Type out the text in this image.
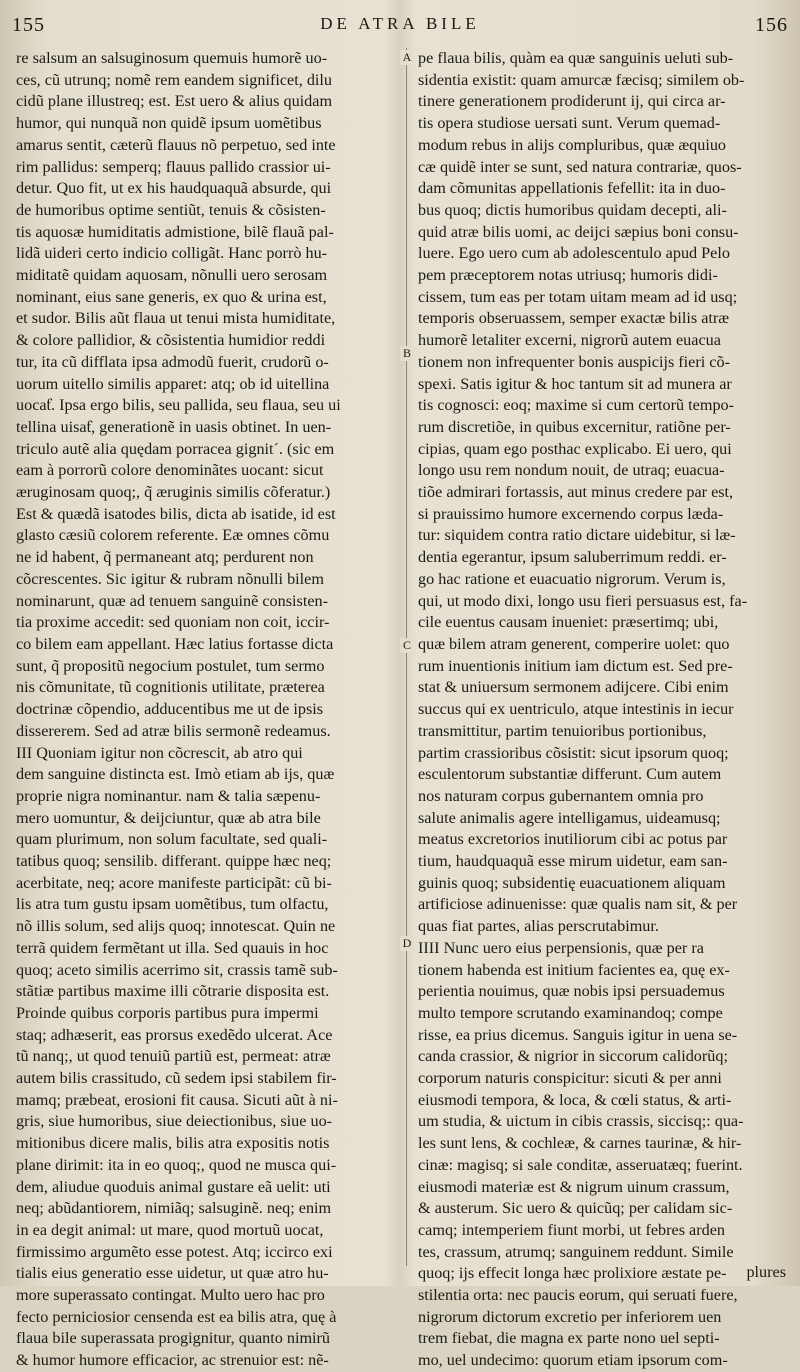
155	DE ATRA BILE	156
re salsum an salsuginosum quemuis humorẽ uo-
ces, cũ utrunq; nomẽ rem eandem significet, dilu
cidũ plane illustreq; est. Est uero & alius quidam
humor, qui nunquã non quidẽ ipsum uomẽtibus
amarus sentit, cæterũ flauus nõ perpetuo, sed inte
rim pallidus: semperq; flauus pallido crassior ui-
detur. Quo fit, ut ex his haudquaquã absurde, qui
de humoribus optime sentiũt, tenuis & cõsisten-
tis aquosæ humiditatis admistione, bilẽ flauã pal-
lidã uideri certo indicio colligãt. Hanc porrò hu-
miditatẽ quidam aquosam, nõnulli uero serosam
nominant, eius sane generis, ex quo & urina est,
et sudor. Bilis aũt flaua ut tenui mista humiditate,
& colore pallidior, & cõsistentia humidior reddi
tur, ita cũ difflata ipsa admodũ fuerit, crudorũ o-
uorum uitello similis apparet: atq; ob id uitellina
uocaƭ. Ipsa ergo bilis, seu pallida, seu flaua, seu ui
tellina uisaƭ, generationẽ in uasis obtinet. In uen-
triculo autẽ alia quędam porracea gignitˊ. (sic em
eam à porrorũ colore denominãtes uocant: sicut
æruginosam quoq;, q̃ æruginis similis cõferatur.)
Est & quædã isatodes bilis, dicta ab isatide, id est
glasto cæsiũ colorem referente. Eæ omnes cõmu
ne id habent, q̃ permaneant atq; perdurent non
cõcrescentes. Sic igitur & rubram nõnulli bilem
nominarunt, quæ ad tenuem sanguinẽ consisten-
tia proxime accedit: sed quoniam non coit, iccir-
co bilem eam appellant. Hæc latius fortasse dicta
sunt, q̃ propositũ negocium postulet, tum sermo
nis cõmunitate, tũ cognitionis utilitate, præterea
doctrinæ cõpendio, adducentibus me ut de ipsis
dissererem. Sed ad atræ bilis sermonẽ redeamus.
III Quoniam igitur non cõcrescit, ab atro qui
dem sanguine distincta est. Imò etiam ab ijs, quæ
proprie nigra nominantur. nam & talia sæpenu-
mero uomuntur, & deijciuntur, quæ ab atra bile
quam plurimum, non solum facultate, sed quali-
tatibus quoq; sensilib. differant. quippe hæc neq;
acerbitate, neq; acore manifeste participãt: cũ bi-
lis atra tum gustu ipsam uomẽtibus, tum olfactu,
nõ illis solum, sed alijs quoq; innotescat. Quin ne
terrã quidem fermẽtant ut illa. Sed quauis in hoc
quoq; aceto similis acerrimo sit, crassis tamẽ sub-
stãtiæ partibus maxime illi cõtrarie disposita est.
Proinde quibus corporis partibus pura impermi
staq; adhæserit, eas prorsus exedẽdo ulcerat. Ace
tũ nanq;, ut quod tenuiũ partiũ est, permeat: atræ
autem bilis crassitudo, cũ sedem ipsi stabilem fir-
mamq; præbeat, erosioni fit causa. Sicuti aũt à ni-
gris, siue humoribus, siue deiectionibus, siue uo-
mitionibus dicere malis, bilis atra expositis notis
plane dirimit: ita in eo quoq;, quod ne musca qui-
dem, aliudue quoduis animal gustare eã uelit: uti
neq; abũdantiorem, nimiãq; salsuginẽ. neq; enim
in ea degit animal: ut mare, quod mortuũ uocat,
firmissimo argumẽto esse potest. Atq; iccirco exi
tialis eius generatio esse uidetur, ut quæ atro hu-
more superassato contingat. Multo uero hac pro
fecto perniciosior censenda est ea bilis atra, quę à
flaua bile superassata progignitur, quanto nimirũ
& humor humore efficacior, ac strenuior est: nẽ-
A
B
C
D
pe flaua bilis, quàm ea quæ sanguinis ueluti sub-
sidentia existit: quam amurcæ fæcisq; similem ob-
tinere generationem prodiderunt ij, qui circa ar-
tis opera studiose uersati sunt. Verum quemad-
modum rebus in alijs compluribus, quæ æquiuo
cæ quidẽ inter se sunt, sed natura contrariæ, quos-
dam cõmunitas appellationis fefellit: ita in duo-
bus quoq; dictis humoribus quidam decepti, ali-
quid atræ bilis uomi, ac deijci sæpius boni consu-
luere. Ego uero cum ab adolescentulo apud Pelo
pem præceptorem notas utriusq; humoris didi-
cissem, tum eas per totam uitam meam ad id usq;
temporis obseruassem, semper exactæ bilis atræ
humorẽ letaliter excerni, nigrorũ autem euacua
tionem non infrequenter bonis auspicijs fieri cõ-
spexi. Satis igitur & hoc tantum sit ad munera ar
tis cognosci: eoq; maxime si cum certorũ tempo-
rum discretiõe, in quibus excernitur, ratiõne per-
cipias, quam ego posthac explicabo. Ei uero, qui
longo usu rem nondum nouit, de utraq; euacua-
tiõe admirari fortassis, aut minus credere par est,
si prauissimo humore excernendo corpus læda-
tur: siquidem contra ratio dictare uidebitur, si læ-
dentia egerantur, ipsum saluberrimum reddi. er-
go hac ratione et euacuatio nigrorum. Verum is,
qui, ut modo dixi, longo usu fieri persuasus est, fa-
cile euentus causam inueniet: præsertimq; ubi,
quæ bilem atram generent, comperire uolet: quo
rum inuentionis initium iam dictum est. Sed pre-
stat & uniuersum sermonem adijcere. Cibi enim
succus qui ex uentriculo, atque intestinis in iecur
transmittitur, partim tenuioribus portionibus,
partim crassioribus cõsistit: sicut ipsorum quoq;
esculentorum substantiæ differunt. Cum autem
nos naturam corpus gubernantem omnia pro
salute animalis agere intelligamus, uideamusq;
meatus excretorios inutiliorum cibi ac potus par
tium, haudquaquã esse mirum uidetur, eam san-
guinis quoq; subsidentię euacuationem aliquam
artificiose adinuenisse: quæ qualis nam sit, & per
quas fiat partes, alias perscrutabimur.
IIII Nunc uero eius perpensionis, quæ per ra
tionem habenda est initium facientes ea, quę ex-
perientia nouimus, quæ nobis ipsi persuademus
multo tempore scrutando examinandoq; compe
risse, ea prius dicemus. Sanguis igitur in uena se-
canda crassior, & nigrior in siccorum calidorũq;
corporum naturis conspicitur: sicuti & per anni
eiusmodi tempora, & loca, & cœli status, & arti-
um studia, & uictum in cibis crassis, siccisq;: qua-
les sunt lens, & cochleæ, & carnes taurinæ, & hir-
cinæ: magisq; si sale conditæ, asseruatæq; fuerint.
eiusmodi materiæ est & nigrum uinum crassum,
& austerum. Sic uero & quicũq; per calidam sic-
camq; intemperiem fiunt morbi, ut febres arden
tes, crassum, atrumq; sanguinem reddunt. Simile
quoq; ijs effecit longa hæc prolixiore æstate pe-
stilentia orta: nec paucis eorum, qui seruati fuere,
nigrorum dictorum excretio per inferiorem uen
trem fiebat, die magna ex parte nono uel septi-
mo, uel undecimo: quorum etiam ipsorum com-
plures
